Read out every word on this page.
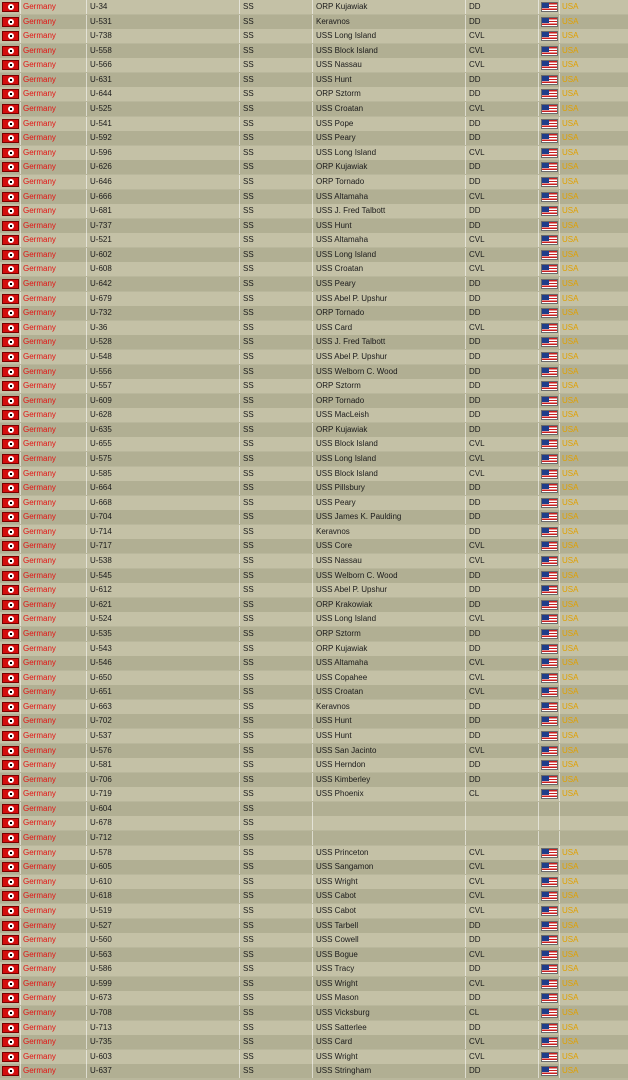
Germany	U-34	SS	ORP Kujawiak	DD	USA
Germany	U-531	SS	Keravnos	DD	USA
Germany	U-738	SS	USS Long Island	CVL	USA
Germany	U-558	SS	USS Block Island	CVL	USA
Germany	U-566	SS	USS Nassau	CVL	USA
Germany	U-631	SS	USS Hunt	DD	USA
Germany	U-644	SS	ORP Sztorm	DD	USA
Germany	U-525	SS	USS Croatan	CVL	USA
Germany	U-541	SS	USS Pope	DD	USA
Germany	U-592	SS	USS Peary	DD	USA
Germany	U-596	SS	USS Long Island	CVL	USA
Germany	U-626	SS	ORP Kujawiak	DD	USA
Germany	U-646	SS	ORP Tornado	DD	USA
Germany	U-666	SS	USS Altamaha	CVL	USA
Germany	U-681	SS	USS J. Fred Talbott	DD	USA
Germany	U-737	SS	USS Hunt	DD	USA
Germany	U-521	SS	USS Altamaha	CVL	USA
Germany	U-602	SS	USS Long Island	CVL	USA
Germany	U-608	SS	USS Croatan	CVL	USA
Germany	U-642	SS	USS Peary	DD	USA
Germany	U-679	SS	USS Abel P. Upshur	DD	USA
Germany	U-732	SS	ORP Tornado	DD	USA
Germany	U-36	SS	USS Card	CVL	USA
Germany	U-528	SS	USS J. Fred Talbott	DD	USA
Germany	U-548	SS	USS Abel P. Upshur	DD	USA
Germany	U-556	SS	USS Welborn C. Wood	DD	USA
Germany	U-557	SS	ORP Sztorm	DD	USA
Germany	U-609	SS	ORP Tornado	DD	USA
Germany	U-628	SS	USS MacLeish	DD	USA
Germany	U-635	SS	ORP Kujawiak	DD	USA
Germany	U-655	SS	USS Block Island	CVL	USA
Germany	U-575	SS	USS Long Island	CVL	USA
Germany	U-585	SS	USS Block Island	CVL	USA
Germany	U-664	SS	USS Pillsbury	DD	USA
Germany	U-668	SS	USS Peary	DD	USA
Germany	U-704	SS	USS James K. Paulding	DD	USA
Germany	U-714	SS	Keravnos	DD	USA
Germany	U-717	SS	USS Core	CVL	USA
Germany	U-538	SS	USS Nassau	CVL	USA
Germany	U-545	SS	USS Welborn C. Wood	DD	USA
Germany	U-612	SS	USS Abel P. Upshur	DD	USA
Germany	U-621	SS	ORP Krakowiak	DD	USA
Germany	U-524	SS	USS Long Island	CVL	USA
Germany	U-535	SS	ORP Sztorm	DD	USA
Germany	U-543	SS	ORP Kujawiak	DD	USA
Germany	U-546	SS	USS Altamaha	CVL	USA
Germany	U-650	SS	USS Copahee	CVL	USA
Germany	U-651	SS	USS Croatan	CVL	USA
Germany	U-663	SS	Keravnos	DD	USA
Germany	U-702	SS	USS Hunt	DD	USA
Germany	U-537	SS	USS Hunt	DD	USA
Germany	U-576	SS	USS San Jacinto	CVL	USA
Germany	U-581	SS	USS Herndon	DD	USA
Germany	U-706	SS	USS Kimberley	DD	USA
Germany	U-719	SS	USS Phoenix	CL	USA
Germany	U-604	SS
Germany	U-678	SS
Germany	U-712	SS
Germany	U-578	SS	USS Princeton	CVL	USA
Germany	U-605	SS	USS Sangamon	CVL	USA
Germany	U-610	SS	USS Wright	CVL	USA
Germany	U-618	SS	USS Cabot	CVL	USA
Germany	U-519	SS	USS Cabot	CVL	USA
Germany	U-527	SS	USS Tarbell	DD	USA
Germany	U-560	SS	USS Cowell	DD	USA
Germany	U-563	SS	USS Bogue	CVL	USA
Germany	U-586	SS	USS Tracy	DD	USA
Germany	U-599	SS	USS Wright	CVL	USA
Germany	U-673	SS	USS Mason	DD	USA
Germany	U-708	SS	USS Vicksburg	CL	USA
Germany	U-713	SS	USS Satterlee	DD	USA
Germany	U-735	SS	USS Card	CVL	USA
Germany	U-603	SS	USS Wright	CVL	USA
Germany	U-637	SS	USS Stringham	DD	USA
